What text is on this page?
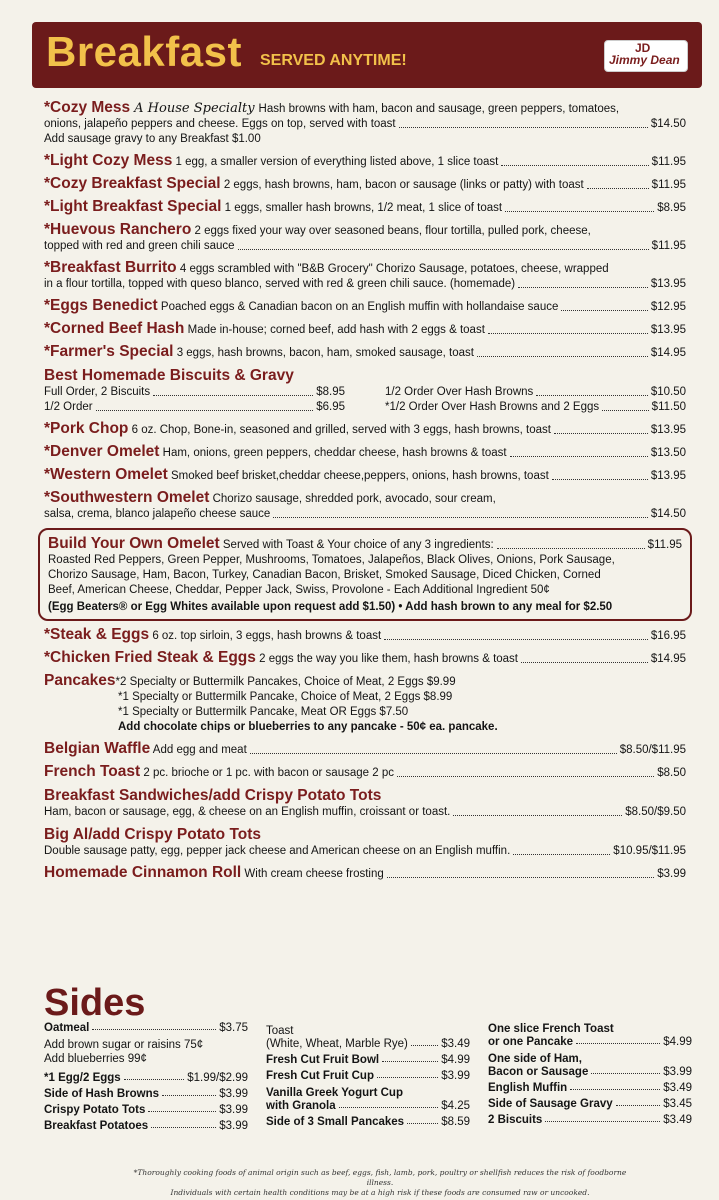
Breakfast SERVED ANYTIME!
JD
Jimmy Dean
*Cozy Mess A House Specialty Hash browns with ham, bacon and sausage, green peppers, tomatoes,
onions, jalapeño peppers and cheese. Eggs on top, served with toast	$14.50
Add sausage gravy to any Breakfast $1.00
*Light Cozy Mess 1 egg, a smaller version of everything listed above, 1 slice toast	$11.95
*Cozy Breakfast Special 2 eggs, hash browns, ham, bacon or sausage (links or patty) with toast	$11.95
*Light Breakfast Special 1 eggs, smaller hash browns, 1/2 meat, 1 slice of toast	$8.95
*Huevous Ranchero 2 eggs fixed your way over seasoned beans, flour tortilla, pulled pork, cheese,
topped with red and green chili sauce	$11.95
*Breakfast Burrito 4 eggs scrambled with "B&B Grocery" Chorizo Sausage, potatoes, cheese, wrapped
in a flour tortilla, topped with queso blanco, served with red & green chili sauce. (homemade)	$13.95
*Eggs Benedict Poached eggs & Canadian bacon on an English muffin with hollandaise sauce	$12.95
*Corned Beef Hash Made in-house; corned beef, add hash with 2 eggs & toast	$13.95
*Farmer's Special 3 eggs, hash browns, bacon, ham, smoked sausage, toast	$14.95
Best Homemade Biscuits & Gravy
Full Order, 2 Biscuits	$8.95
1/2 Order	$6.95
1/2 Order Over Hash Browns	$10.50
*1/2 Order Over Hash Browns and 2 Eggs	$11.50
*Pork Chop 6 oz. Chop, Bone-in, seasoned and grilled, served with 3 eggs, hash browns, toast	$13.95
*Denver Omelet Ham, onions, green peppers, cheddar cheese, hash browns & toast	$13.50
*Western Omelet Smoked beef brisket,cheddar cheese,peppers, onions, hash browns, toast	$13.95
*Southwestern Omelet Chorizo sausage, shredded pork, avocado, sour cream,
salsa, crema, blanco jalapeño cheese sauce	$14.50
Build Your Own Omelet Served with Toast & Your choice of any 3 ingredients:	$11.95
Roasted Red Peppers, Green Pepper, Mushrooms, Tomatoes, Jalapeños, Black Olives, Onions, Pork Sausage,
Chorizo Sausage, Ham, Bacon, Turkey, Canadian Bacon, Brisket, Smoked Sausage, Diced Chicken, Corned
Beef, American Cheese, Cheddar, Pepper Jack, Swiss, Provolone - Each Additional Ingredient 50¢
(Egg Beaters® or Egg Whites available upon request add $1.50) • Add hash brown to any meal for $2.50
*Steak & Eggs 6 oz. top sirloin, 3 eggs, hash browns & toast	$16.95
*Chicken Fried Steak & Eggs 2 eggs the way you like them, hash browns & toast	$14.95
Pancakes*2 Specialty or Buttermilk Pancakes, Choice of Meat, 2 Eggs $9.99
*1 Specialty or Buttermilk Pancake, Choice of Meat, 2 Eggs $8.99
*1 Specialty or Buttermilk Pancake, Meat OR Eggs $7.50
Add chocolate chips or blueberries to any pancake - 50¢ ea. pancake.
Belgian Waffle Add egg and meat	$8.50/$11.95
French Toast 2 pc. brioche or 1 pc. with bacon or sausage 2 pc	$8.50
Breakfast Sandwiches/add Crispy Potato Tots
Ham, bacon or sausage, egg, & cheese on an English muffin, croissant or toast.	$8.50/$9.50
Big Al/add Crispy Potato Tots
Double sausage patty, egg, pepper jack cheese and American cheese on an English muffin.	$10.95/$11.95
Homemade Cinnamon Roll With cream cheese frosting	$3.99
Sides
Oatmeal	$3.75
Add brown sugar or raisins 75¢
Add blueberries 99¢
*1 Egg/2 Eggs	$1.99/$2.99
Side of Hash Browns	$3.99
Crispy Potato Tots	$3.99
Breakfast Potatoes	$3.99
Toast
(White, Wheat, Marble Rye)	$3.49
Fresh Cut Fruit Bowl	$4.99
Fresh Cut Fruit Cup	$3.99
Vanilla Greek Yogurt Cup
with Granola	$4.25
Side of 3 Small Pancakes	$8.59
One slice French Toast
or one Pancake	$4.99
One side of Ham,
Bacon or Sausage	$3.99
English Muffin	$3.49
Side of Sausage Gravy	$3.45
2 Biscuits	$3.49
*Thoroughly cooking foods of animal origin such as beef, eggs, fish, lamb, pork, poultry or shellfish reduces the risk of foodborne illness.
Individuals with certain health conditions may be at a high risk if these foods are consumed raw or uncooked.
